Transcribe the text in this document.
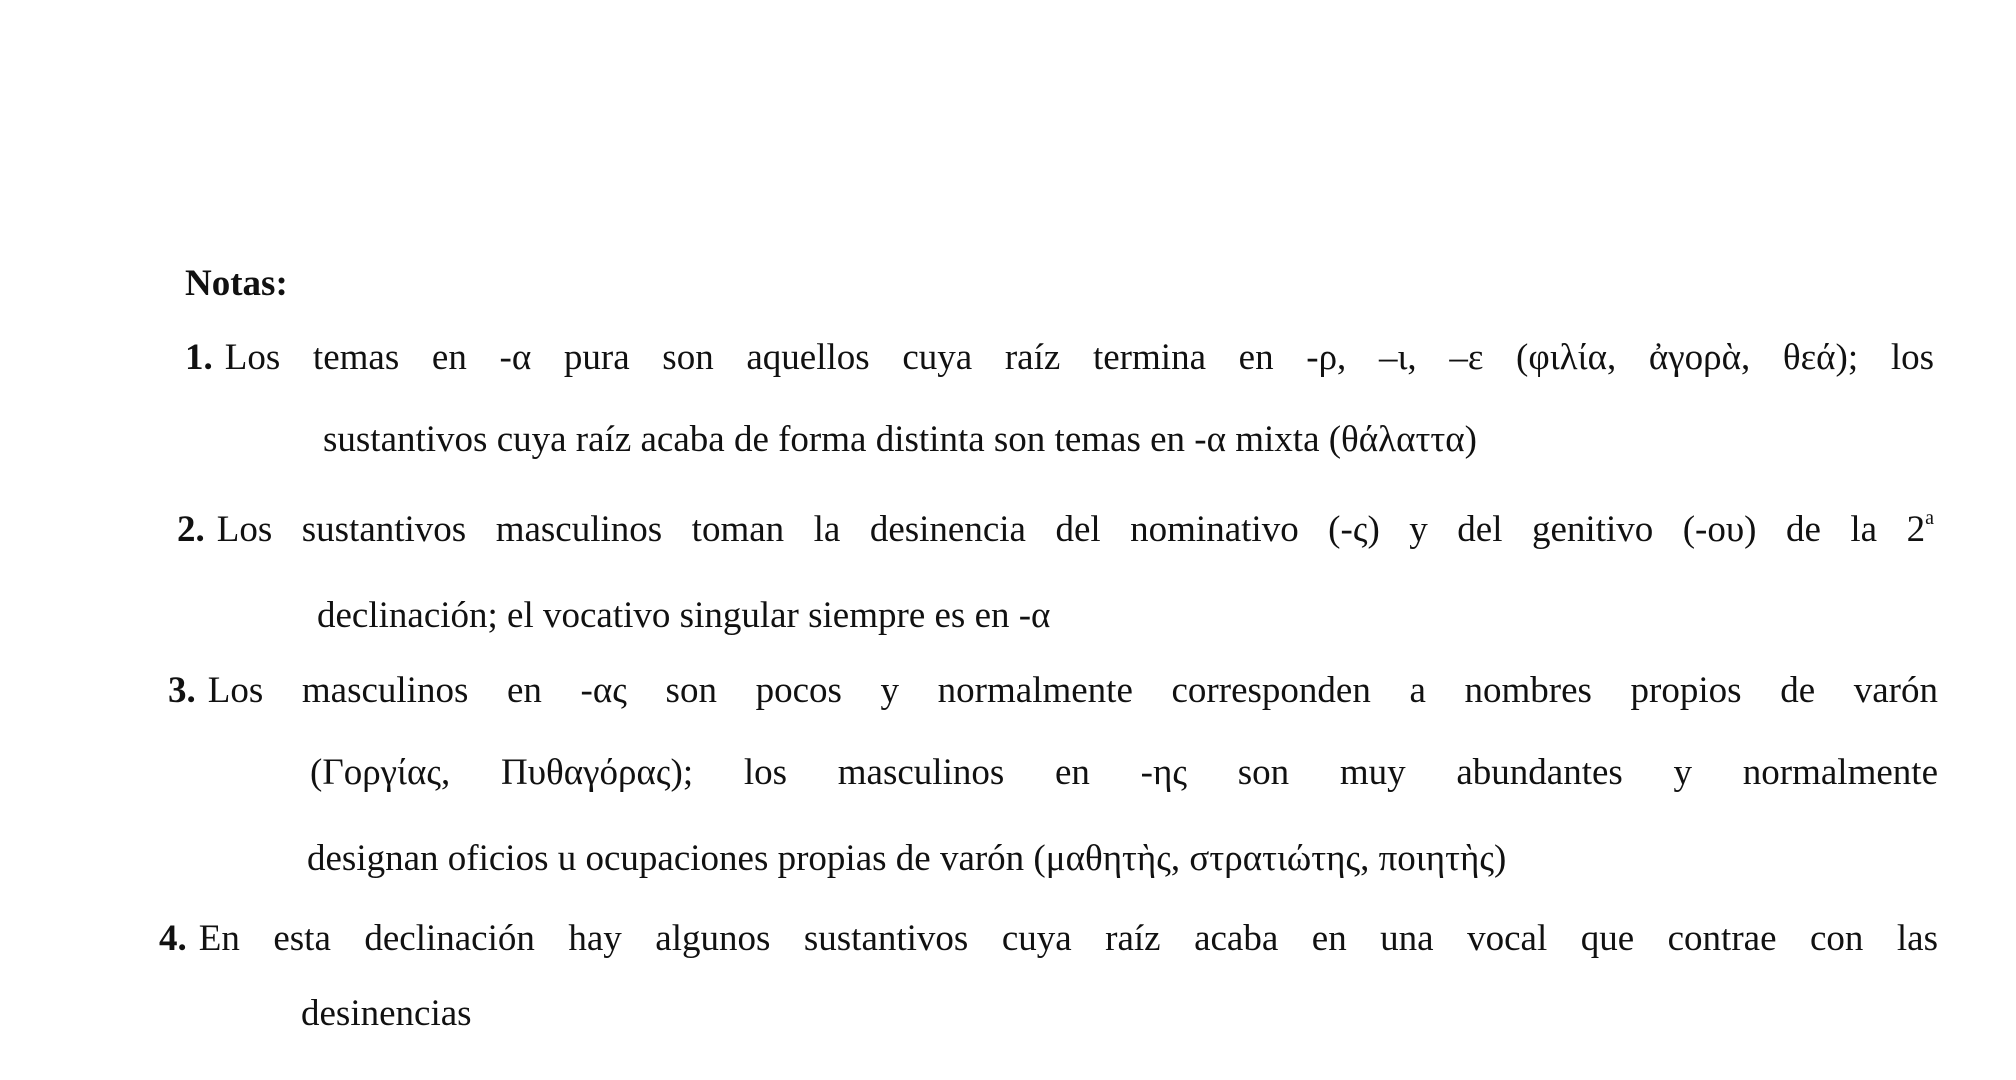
Notas:
1. Los temas en -α pura son aquellos cuya raíz termina en -ρ, –ι, –ε (φιλία, ἀγορὰ, θεά); los
sustantivos cuya raíz acaba de forma distinta son temas en -α mixta (θάλαττα)
2. Los sustantivos masculinos toman la desinencia del nominativo (-ς) y del genitivo (-ου) de la 2$^a$
declinación; el vocativo singular siempre es en -α
3. Los masculinos en -ας son pocos y normalmente corresponden a nombres propios de varón
(Γοργίας, Πυθαγόρας); los masculinos en -ης son muy abundantes y normalmente
designan oficios u ocupaciones propias de varón (μαθητὴς, στρατιώτης, ποιητὴς)
4. En esta declinación hay algunos sustantivos cuya raíz acaba en una vocal que contrae con las
desinencias
